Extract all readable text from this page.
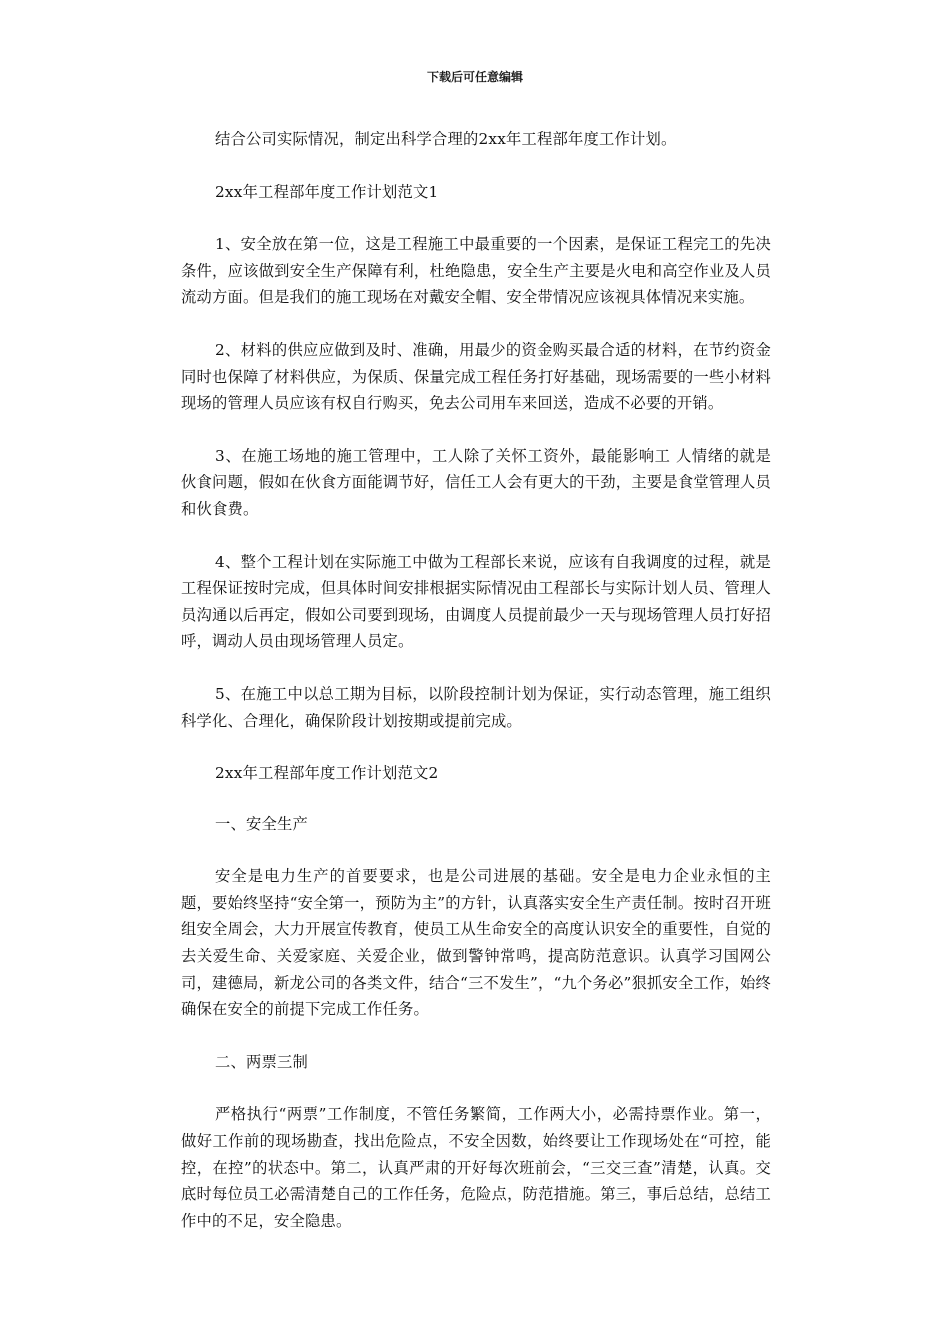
下载后可任意编辑

结合公司实际情况，制定出科学合理的2xx年工程部年度工作计划。

2xx年工程部年度工作计划范文1

1、安全放在第一位，这是工程施工中最重要的一个因素，是保证工程完工的先决条件，应该做到安全生产保障有利，杜绝隐患，安全生产主要是火电和高空作业及人员流动方面。但是我们的施工现场在对戴安全帽、安全带情况应该视具体情况来实施。

2、材料的供应应做到及时、准确，用最少的资金购买最合适的材料，在节约资金同时也保障了材料供应，为保质、保量完成工程任务打好基础，现场需要的一些小材料现场的管理人员应该有权自行购买，免去公司用车来回送，造成不必要的开销。

3、在施工场地的施工管理中，工人除了关怀工资外，最能影响工 人情绪的就是伙食问题，假如在伙食方面能调节好，信任工人会有更大的干劲，主要是食堂管理人员和伙食费。

4、整个工程计划在实际施工中做为工程部长来说，应该有自我调度的过程，就是工程保证按时完成，但具体时间安排根据实际情况由工程部长与实际计划人员、管理人员沟通以后再定，假如公司要到现场，由调度人员提前最少一天与现场管理人员打好招呼，调动人员由现场管理人员定。

5、在施工中以总工期为目标，以阶段控制计划为保证，实行动态管理，施工组织科学化、合理化，确保阶段计划按期或提前完成。

2xx年工程部年度工作计划范文2

一、安全生产

安全是电力生产的首要要求，也是公司进展的基础。安全是电力企业永恒的主题，要始终坚持“安全第一，预防为主”的方针，认真落实安全生产责任制。按时召开班组安全周会，大力开展宣传教育，使员工从生命安全的高度认识安全的重要性，自觉的去关爱生命、关爱家庭、关爱企业，做到警钟常鸣，提高防范意识。认真学习国网公司，建德局，新龙公司的各类文件，结合“三不发生”，“九个务必”狠抓安全工作，始终确保在安全的前提下完成工作任务。

二、两票三制

严格执行“两票”工作制度，不管任务繁简，工作两大小，必需持票作业。第一，做好工作前的现场勘查，找出危险点，不安全因数，始终要让工作现场处在“可控，能控，在控”的状态中。第二，认真严肃的开好每次班前会，“三交三查”清楚，认真。交底时每位员工必需清楚自己的工作任务，危险点，防范措施。第三，事后总结，总结工作中的不足，安全隐患。
